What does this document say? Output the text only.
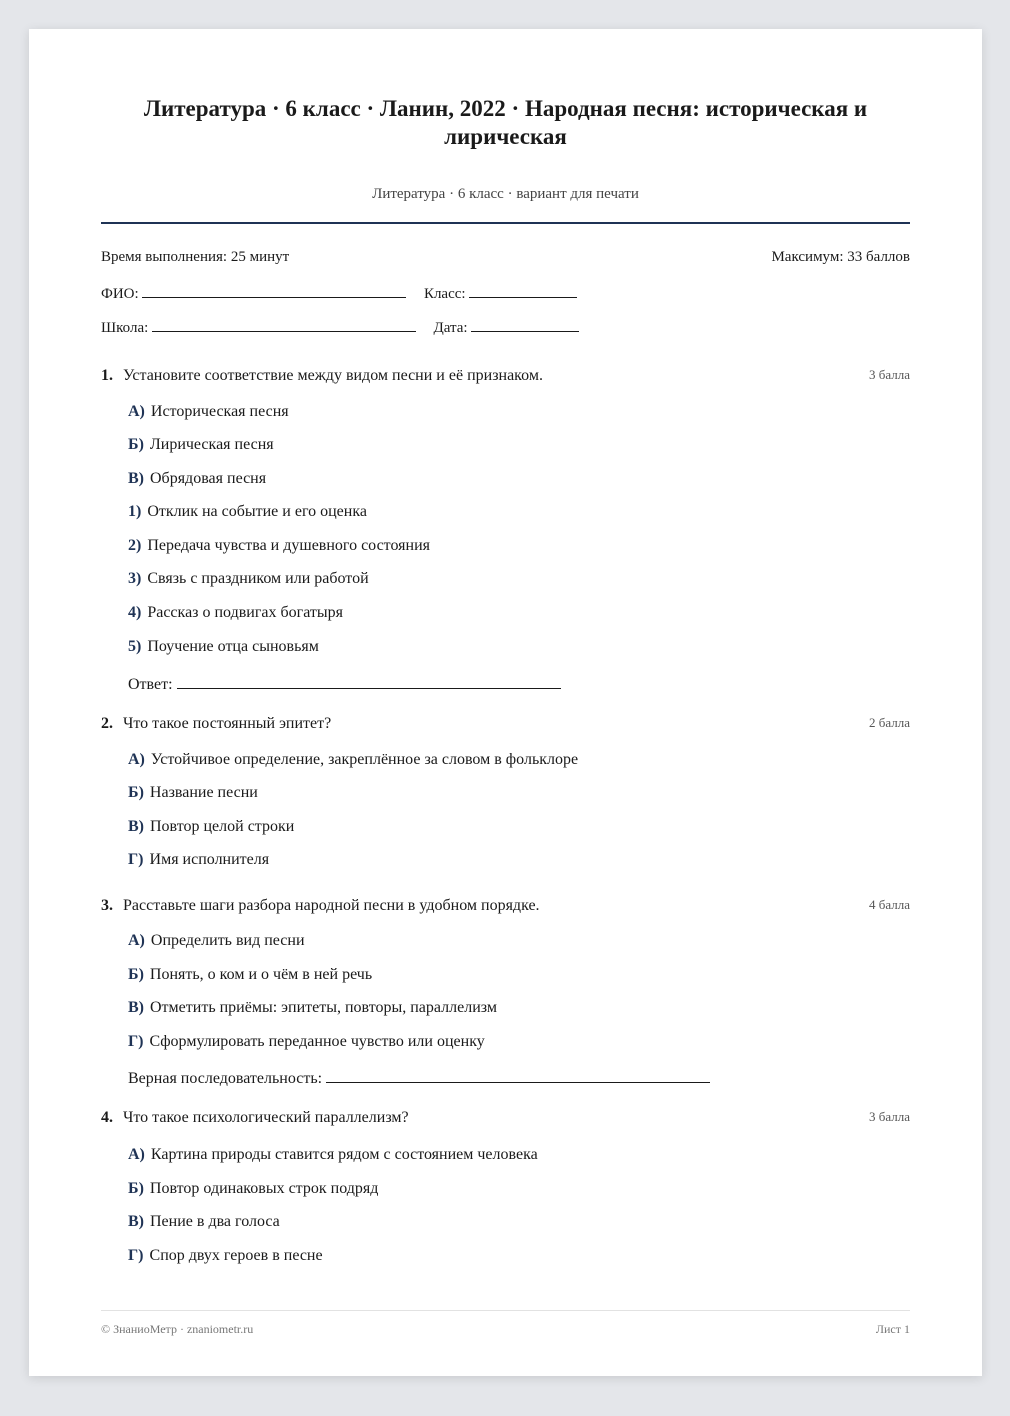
Литература · 6 класс · Ланин, 2022 · Народная песня: историческая и лирическая
Литература · 6 класс · вариант для печати
Время выполнения: 25 минут	Максимум: 33 баллов
ФИО:	Класс:
Школа:	Дата:
1. Установите соответствие между видом песни и её признаком.	3 балла
А) Историческая песня
Б) Лирическая песня
В) Обрядовая песня
1) Отклик на событие и его оценка
2) Передача чувства и душевного состояния
3) Связь с праздником или работой
4) Рассказ о подвигах богатыря
5) Поучение отца сыновьям
Ответ:
2. Что такое постоянный эпитет?	2 балла
А) Устойчивое определение, закреплённое за словом в фольклоре
Б) Название песни
В) Повтор целой строки
Г) Имя исполнителя
3. Расставьте шаги разбора народной песни в удобном порядке.	4 балла
А) Определить вид песни
Б) Понять, о ком и о чём в ней речь
В) Отметить приёмы: эпитеты, повторы, параллелизм
Г) Сформулировать переданное чувство или оценку
Верная последовательность:
4. Что такое психологический параллелизм?	3 балла
А) Картина природы ставится рядом с состоянием человека
Б) Повтор одинаковых строк подряд
В) Пение в два голоса
Г) Спор двух героев в песне
© ЗнаниоМетр · znaniometr.ru	Лист 1
